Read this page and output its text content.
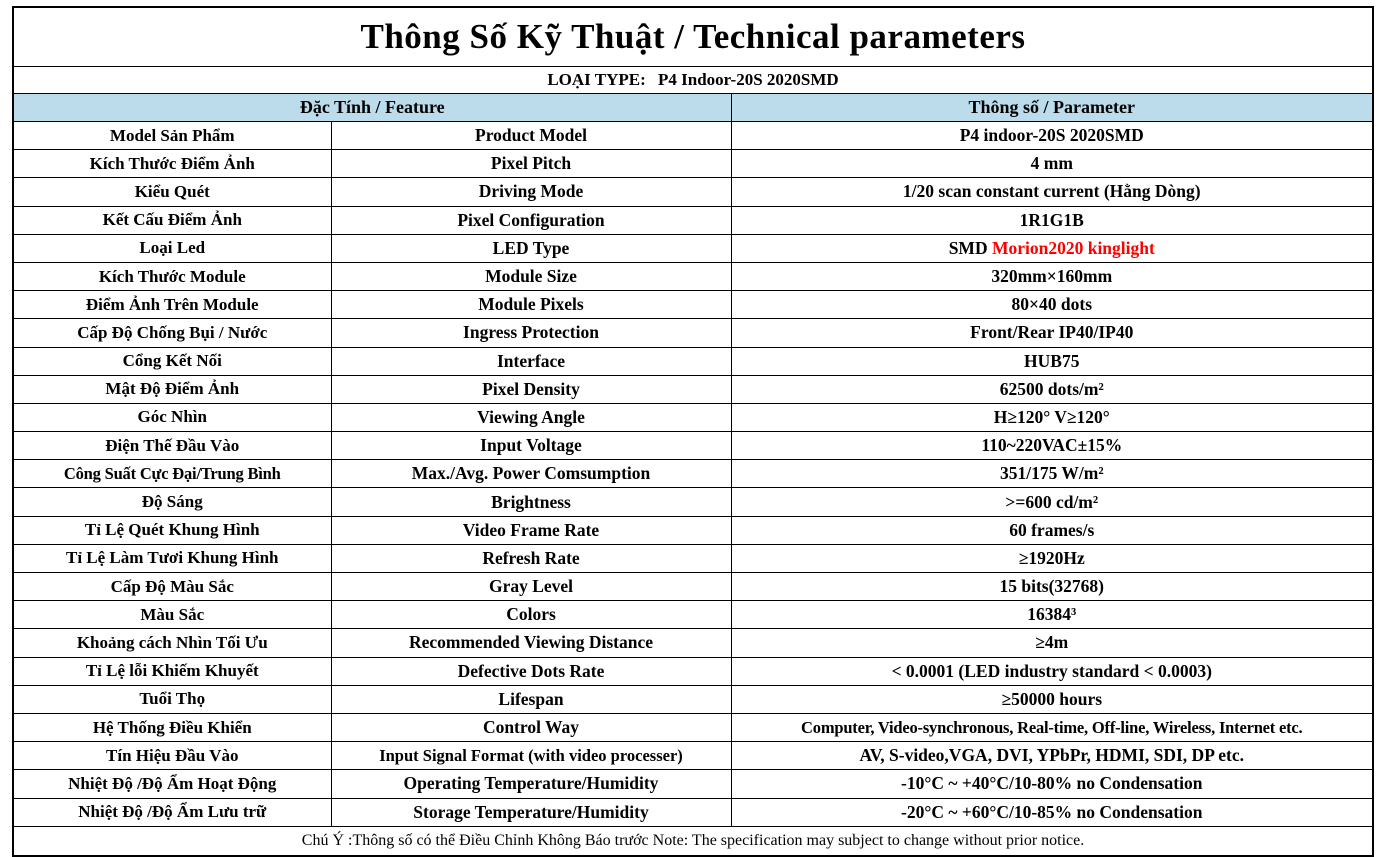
Thông Số Kỹ Thuật / Technical parameters		
LOẠI TYPE: P4 Indoor-20S 2020SMD		
Đặc Tính / Feature		Thông số / Parameter
Model Sản Phẩm	Product Model	P4 indoor-20S 2020SMD
Kích Thước Điểm Ảnh	Pixel Pitch	4 mm
Kiểu Quét	Driving Mode	1/20 scan constant current (Hằng Dòng)
Kết Cấu Điểm Ảnh	Pixel Configuration	1R1G1B
Loại Led	LED Type	SMD Morion2020 kinglight
Kích Thước Module	Module Size	320mm×160mm
Điểm Ảnh Trên Module	Module Pixels	80×40 dots
Cấp Độ Chống Bụi / Nước	Ingress Protection	Front/Rear IP40/IP40
Cổng Kết Nối	Interface	HUB75
Mật Độ Điểm Ảnh	Pixel Density	62500 dots/m²
Góc Nhìn	Viewing Angle	H≥120° V≥120°
Điện Thế Đầu Vào	Input Voltage	110~220VAC±15%
Công Suất Cực Đại/Trung Bình	Max./Avg. Power Comsumption	351/175 W/m²
Độ Sáng	Brightness	>=600 cd/m²
Tỉ Lệ Quét Khung Hình	Video Frame Rate	60 frames/s
Tỉ Lệ Làm Tươi Khung Hình	Refresh Rate	≥1920Hz
Cấp Độ Màu Sắc	Gray Level	15 bits(32768)
Màu Sắc	Colors	16384³
Khoảng cách Nhìn Tối Ưu	Recommended Viewing Distance	≥4m
Tỉ Lệ lỗi Khiếm Khuyết	Defective Dots Rate	< 0.0001 (LED industry standard < 0.0003)
Tuổi Thọ	Lifespan	≥50000 hours
Hệ Thống Điều Khiển	Control Way	Computer, Video-synchronous, Real-time, Off-line, Wireless, Internet etc.
Tín Hiệu Đầu Vào	Input Signal Format (with video processer)	AV, S-video,VGA, DVI, YPbPr, HDMI, SDI, DP etc.
Nhiệt Độ /Độ Ẩm Hoạt Động	Operating Temperature/Humidity	-10°C ~ +40°C/10-80% no Condensation
Nhiệt Độ /Độ Ẩm Lưu trữ	Storage Temperature/Humidity	-20°C ~ +60°C/10-85% no Condensation
Chú Ý :Thông số có thể Điều Chỉnh Không Báo trước Note: The specification may subject to change without prior notice.		
